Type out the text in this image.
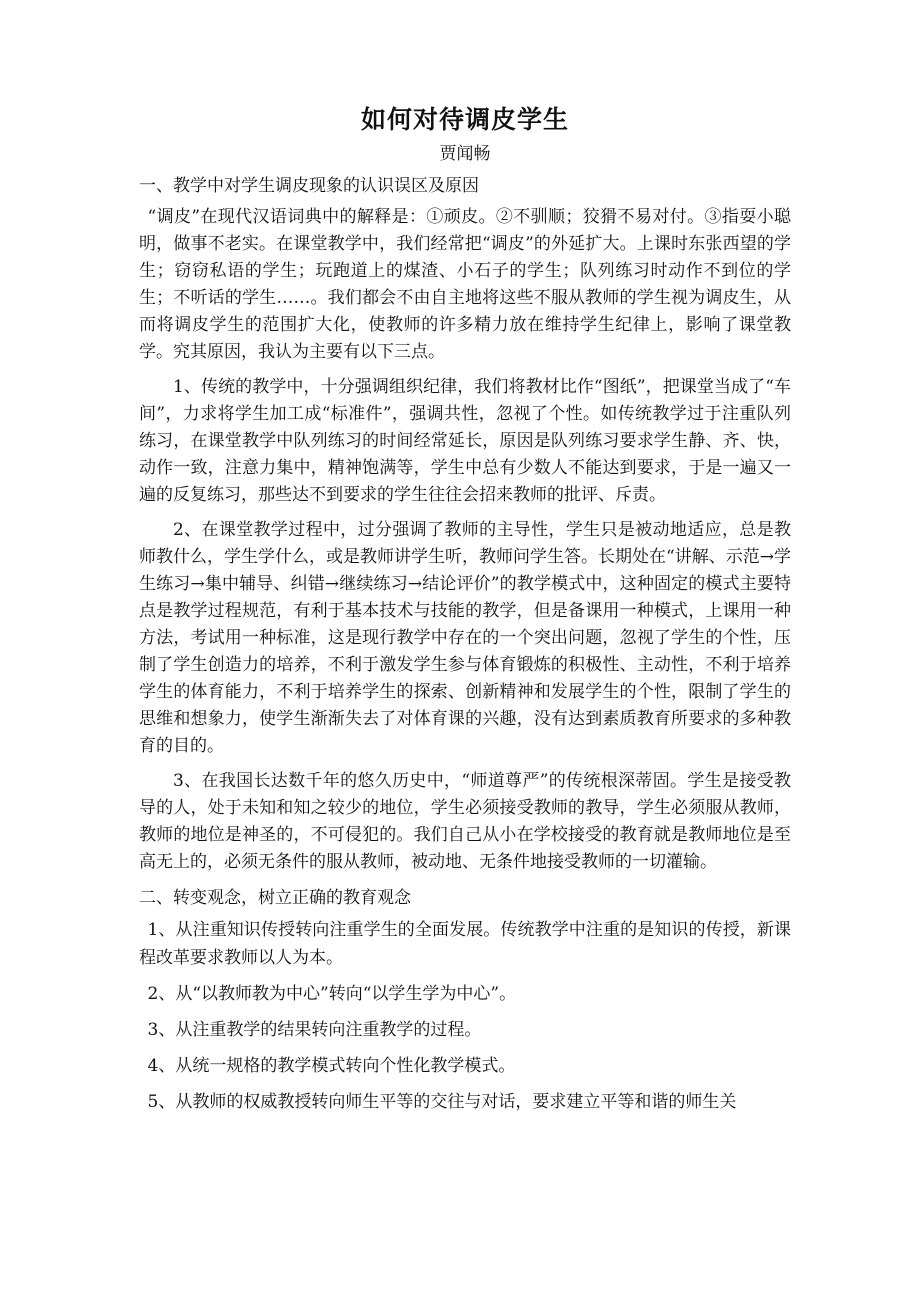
如何对待调皮学生
贾闻畅
一、教学中对学生调皮现象的认识误区及原因

“调皮”在现代汉语词典中的解释是：①顽皮。②不驯顺；狡猾不易对付。③指耍小聪明，做事不老实。在课堂教学中，我们经常把“调皮”的外延扩大。上课时东张西望的学生；窃窃私语的学生；玩跑道上的煤渣、小石子的学生；队列练习时动作不到位的学生；不听话的学生……。我们都会不由自主地将这些不服从教师的学生视为调皮生，从而将调皮学生的范围扩大化，使教师的许多精力放在维持学生纪律上，影响了课堂教学。究其原因，我认为主要有以下三点。

1、传统的教学中，十分强调组织纪律，我们将教材比作“图纸”，把课堂当成了“车间”，力求将学生加工成“标准件”，强调共性，忽视了个性。如传统教学过于注重队列练习，在课堂教学中队列练习的时间经常延长，原因是队列练习要求学生静、齐、快，动作一致，注意力集中，精神饱满等，学生中总有少数人不能达到要求，于是一遍又一遍的反复练习，那些达不到要求的学生往往会招来教师的批评、斥责。

2、在课堂教学过程中，过分强调了教师的主导性，学生只是被动地适应，总是教师教什么，学生学什么，或是教师讲学生听，教师问学生答。长期处在“讲解、示范→学生练习→集中辅导、纠错→继续练习→结论评价”的教学模式中，这种固定的模式主要特点是教学过程规范，有利于基本技术与技能的教学，但是备课用一种模式，上课用一种方法，考试用一种标准，这是现行教学中存在的一个突出问题，忽视了学生的个性，压制了学生创造力的培养，不利于激发学生参与体育锻炼的积极性、主动性，不利于培养学生的体育能力，不利于培养学生的探索、创新精神和发展学生的个性，限制了学生的思维和想象力，使学生渐渐失去了对体育课的兴趣，没有达到素质教育所要求的多种教育的目的。

3、在我国长达数千年的悠久历史中，“师道尊严”的传统根深蒂固。学生是接受教导的人，处于未知和知之较少的地位，学生必须接受教师的教导，学生必须服从教师，教师的地位是神圣的，不可侵犯的。我们自己从小在学校接受的教育就是教师地位是至高无上的，必须无条件的服从教师，被动地、无条件地接受教师的一切灌输。

二、转变观念，树立正确的教育观念

1、从注重知识传授转向注重学生的全面发展。传统教学中注重的是知识的传授，新课程改革要求教师以人为本。

2、从“以教师教为中心”转向“以学生学为中心”。

3、从注重教学的结果转向注重教学的过程。

4、从统一规格的教学模式转向个性化教学模式。

5、从教师的权威教授转向师生平等的交往与对话，要求建立平等和谐的师生关
